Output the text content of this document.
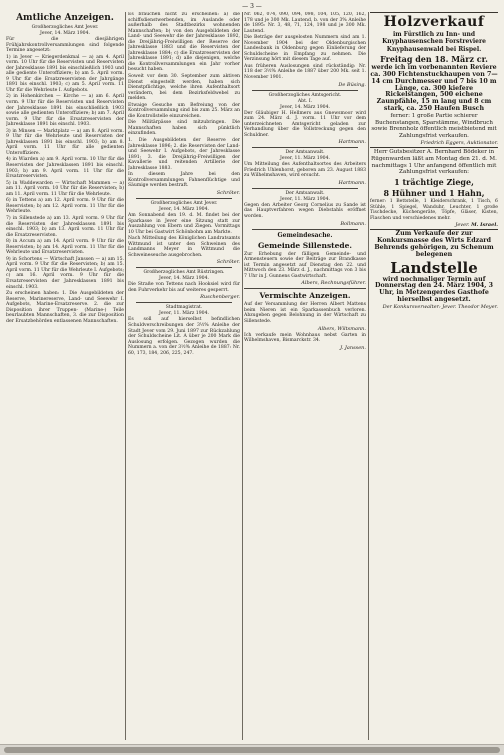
— 3 —
Amtliche Anzeigen.
Großherzogliches Amt Jever.
Jever, 14. März 1904.

Für die diesjährigen Frühjahrskontrollversammlungen sind folgende Termine angesetzt:

1) in Jever — Kriegerdenkmal — a) am 4. April vorm. 10 Uhr für die Reservisten und Reservisten der Jahresklasse 1891 bis einschließlich 1903 und alle gediente Unteroffiziere; b) am 5. April vorm. 9 Uhr für die Ersatzreservisten der Jahrgänge 1891 bis einschl. 1903; c) am 5. April vorm. 11 Uhr für die Wehrleute I. Aufgebots.

2) in Hohenkirchen — Kirche — a) am 6. April vorm. 9 Uhr für die Reservisten und Reservisten der Jahresklasse 1891 bis einschließlich 1903 sowie alle gedienten Unteroffiziere; b) am 7. April vorm. 9 Uhr für die Ersatzreservisten der Jahresklasse 1891 bis einschl. 1903.

3) in Minsen — Marktplatz — a) am 8. April vorm. 9 Uhr für die Wehrleute und Reservisten der Jahresklassen 1891 bis einschl. 1903; b) am 8. April vorm. 11 Uhr für alle gedienten Unteroffiziere.

4) in Wiarden a) am 9. April vorm. 10 Uhr für die Reservisten der Jahresklassen 1891 bis einschl. 1903; b) am 9. April vorm. 11 Uhr für die Ersatzreservisten.

5) in Waddewarden — Wirtschaft Mammen — a) am 11. April vorm. 10 Uhr für die Reservisten; b) am 11. April vorm. 11 Uhr für die Wehrleute.

6) in Tettens a) am 12. April vorm. 9 Uhr für die Reservisten; b) am 12. April vorm. 11 Uhr für die Wehrleute.

7) in Sillenstede a) am 13. April vorm. 9 Uhr für die Reservisten der Jahresklassen 1891 bis einschl. 1903; b) am 13. April vorm. 11 Uhr für die Ersatzreservisten.

8) in Accum a) am 14. April vorm. 9 Uhr für die Reservisten; b) am 14. April vorm. 11 Uhr für die Wehrleute und Ersatzreservisten.

9) in Schortens — Wirtschaft Janssen — a) am 15. April vorm. 9 Uhr für die Reservisten; b) am 15. April vorm. 11 Uhr für die Wehrleute I. Aufgebots; c) am 16. April vorm. 9 Uhr für die Ersatzreservisten der Jahresklassen 1891 bis einschl. 1903.

Zu erscheinen haben: 1. Die Ausgebildeten der Reserve, Marinereserve, Land- und Seewehr I. Aufgebots, Marine-Ersatzreserve. 2. die zur Disposition ihrer Truppen- (Marine-) Teile beurlaubten Mannschaften, 3. die zur Disposition der Ersatzbehörden entlassenen Mannschaften.

Es brauchen nicht zu erscheinen: a) die schiffsdienstwerbenden, im Auslande oder außerhalb des Stadtbezirks wohnenden Mannschaften; b) von den Ausgebildeten der Land- und Seewehr die der Jahresklasse 1892, die Dreijährig-Freiwilligen der Reserve der Jahresklasse 1883 und die Reservisten der Jahresklasse 1884; c) die Ersatzreservisten der Jahresklasse 1891; d) alle diejenigen, welche die Kontrollversammlungen ein Jahr vorher besucht haben.

Soweit vor dem 30. September zum aktiven Dienst eingestellt werden, haben sich Dienstpflichtige, welche ihren Aufenthaltsort verändern, bei dem Bezirksfeldwebel zu melden.

Etwaige Gesuche um Befreiung von der Kontrollversammlung sind bis zum 25. März an die Kontrollstelle einzureichen.

Die Militärpässe sind mitzubringen. Die Mannschaften haben sich pünktlich einzufinden.

1. Die Ausgebildeten der Reserve der Jahresklasse 1896; 2. die Reservisten der Land- und Seewehr I. Aufgebots, der Jahresklasse 1891; 3. die Dreijährig-Freiwilligen der Kavallerie und reitenden Artillerie der Jahresklasse 1883.

In diesem Jahre bei den Kontrollversammlungen Fahnenflüchtige und Säumige werden bestraft.

Schröter.
Großherzogliches Amt Jever.
Jever, 14. März 1904.

Am Sonnabend den 19. d. M. findet bei der Sparkasse in Jever eine Sitzung statt zur Auszahlung von Ebern und Ziegen. Vormittags 10 Uhr bei Gastwirt Schönbohm am Markte.

Nach Mitteilung des Königlichen Landratsamts Wittmund ist unter den Schweinen des Landmanns Meyer in Wittmund die Schweineseuche ausgebrochen.

Schröter.
Großherzogliches Amt Rüstringen.
Jever, 14. März 1904.

Die Straße von Tettens nach Hooksiel wird für den Fuhrverkehr bis auf weiteres gesperrt.

Ruschenberger.
Stadtmagistrat.
Jever, 11. März 1904.

Es soll auf hierselbst befindlichen Schuldverschreibungen der 3½% Anleihe der Stadt Jever vom 29. Juni 1897 zur Rückzahlung der Schuldscheine Lit. A über je 200 Mark die Auslosung erfolgen. Gezogen wurden die Nummern a. von der 3½% Anleihe de 1887: Nr. 60, 173, 184, 206, 225, 247.

Nr. 062, 074, 090, 094, 098, 104, 105, 120, 162, 178 und je 300 Mk. Lautend, b. von der 3% Anleihe de 1895: Nr. 3, 48, 71, 124, 198 und je 300 Mk. Lautend.

Die Beträge der ausgelosten Nummern sind am 1. November 1904 bei der Oldenburgischen Landesbank in Oldenburg gegen Einlieferung der Schuldscheine in Empfang zu nehmen. Die Verzinsung hört mit diesem Tage auf.

Aus früheren Auslosungen sind rückständig: Nr. 118 der 3½% Anleihe de 1887 über 200 Mk. seit 1. November 1901.

De Büsing.
Großherzogliches Amtsgericht.
Abt. I.
Jever, 14. März 1904.

Der Gläubiger H. Hellmers aus Gnewsmoor wird zum 24. März d. J. vorm. 11 Uhr vor dem unterzeichneten Amtsgericht geladen zur Verhandlung über die Vollstreckung gegen den Schuldner.

Hartmann.
Der Amtsanwalt.
Jever, 11. März 1904.

Um Mitteilung des Aufenthaltsortes des Arbeiters Friedrich Uhlenhorst, geboren am 23. August 1883 zu Wilhelmshaven, wird ersucht.

Hartmann.
Der Amtsanwalt.
Jever, 11. März 1904.

Gegen den Arbeiter Georg Cornelius zu Sande ist das Hauptverfahren wegen Diebstahls eröffnet worden.

Bollmann.
Gemeindesache.
Gemeinde Sillenstede.

Zur Erhebung der fälligen Gemeinde- und Armensteuern sowie der Beiträge zur Brandkasse ist Termin angesetzt auf Dienstag den 22. und Mittwoch den 23. März d. J., nachmittags von 3 bis 7 Uhr in J. Gunnens Gastwirtschaft.

Albers, Rechnungsführer.
Vermischte Anzeigen.

Auf der Versammlung der Herren Albert Mattens beim Nieren ist ein Sparkassenbuch verloren. Abzugeben gegen Belohnung in der Wirtschaft zu Sillenstede.

Albers, Wiltsmann.

Ich verkaufe mein Wohnhaus nebst Garten in Wilhelmshaven, Bismarckstr. 34.

J. Janssen.
Holzverkauf
im Fürstlich zu Inn- und Knyphausenschen Forstreviere Knyphausenwald bei Rispel.
Freitag den 18. März cr.

werde ich im vorbenannten Reviere ca. 300 Fichtenstuckhaupen von 7—14 cm Durchmesser und 7 bis 10 m Länge, ca. 300 kiefere Rickelstangen, 500 eichene Zaunpfähle, 15 m lang und 8 cm stark, ca. 250 Haufen Busch

ferner: 1 große Partie schierer Buchenstangen, Sparstämme, Windbruch sowie Brennholz öffentlich meistbietend mit Zahlungsfrist verkaufen.

Friedrich Eggers, Auktionator.

Herr Gutsbesitzer A. Bernhard Bödeker in Rügenwarden läßt am Montag den 21. d. M. nachmittags 1 Uhr anfangend öffentlich mit Zahlungsfrist verkaufen:

1 trächtige Ziege,
8 Hühner und 1 Hahn,

ferner: 1 Bettstelle, 1 Kleiderschrank, 1 Tisch, 6 Stühle, 1 Spiegel, Wanduhr, Leuchter, 1 große Tischdecke, Küchengeräte, Töpfe, Gläser, Kisten, Flaschen und verschiedenes mehr.

Jever. M. Israel.

Zum Verkaufe der zur Konkursmasse des Wirts Edzard Behrends gehörigen, zu Schenum belegenen

Landstelle

wird nochmaliger Termin auf Donnerstag den 24. März 1904, 3 Uhr, in Metzengerdes Gasthofe hierselbst angesetzt.

Der Konkursverwalter: Jever. Theodor Meyer.
